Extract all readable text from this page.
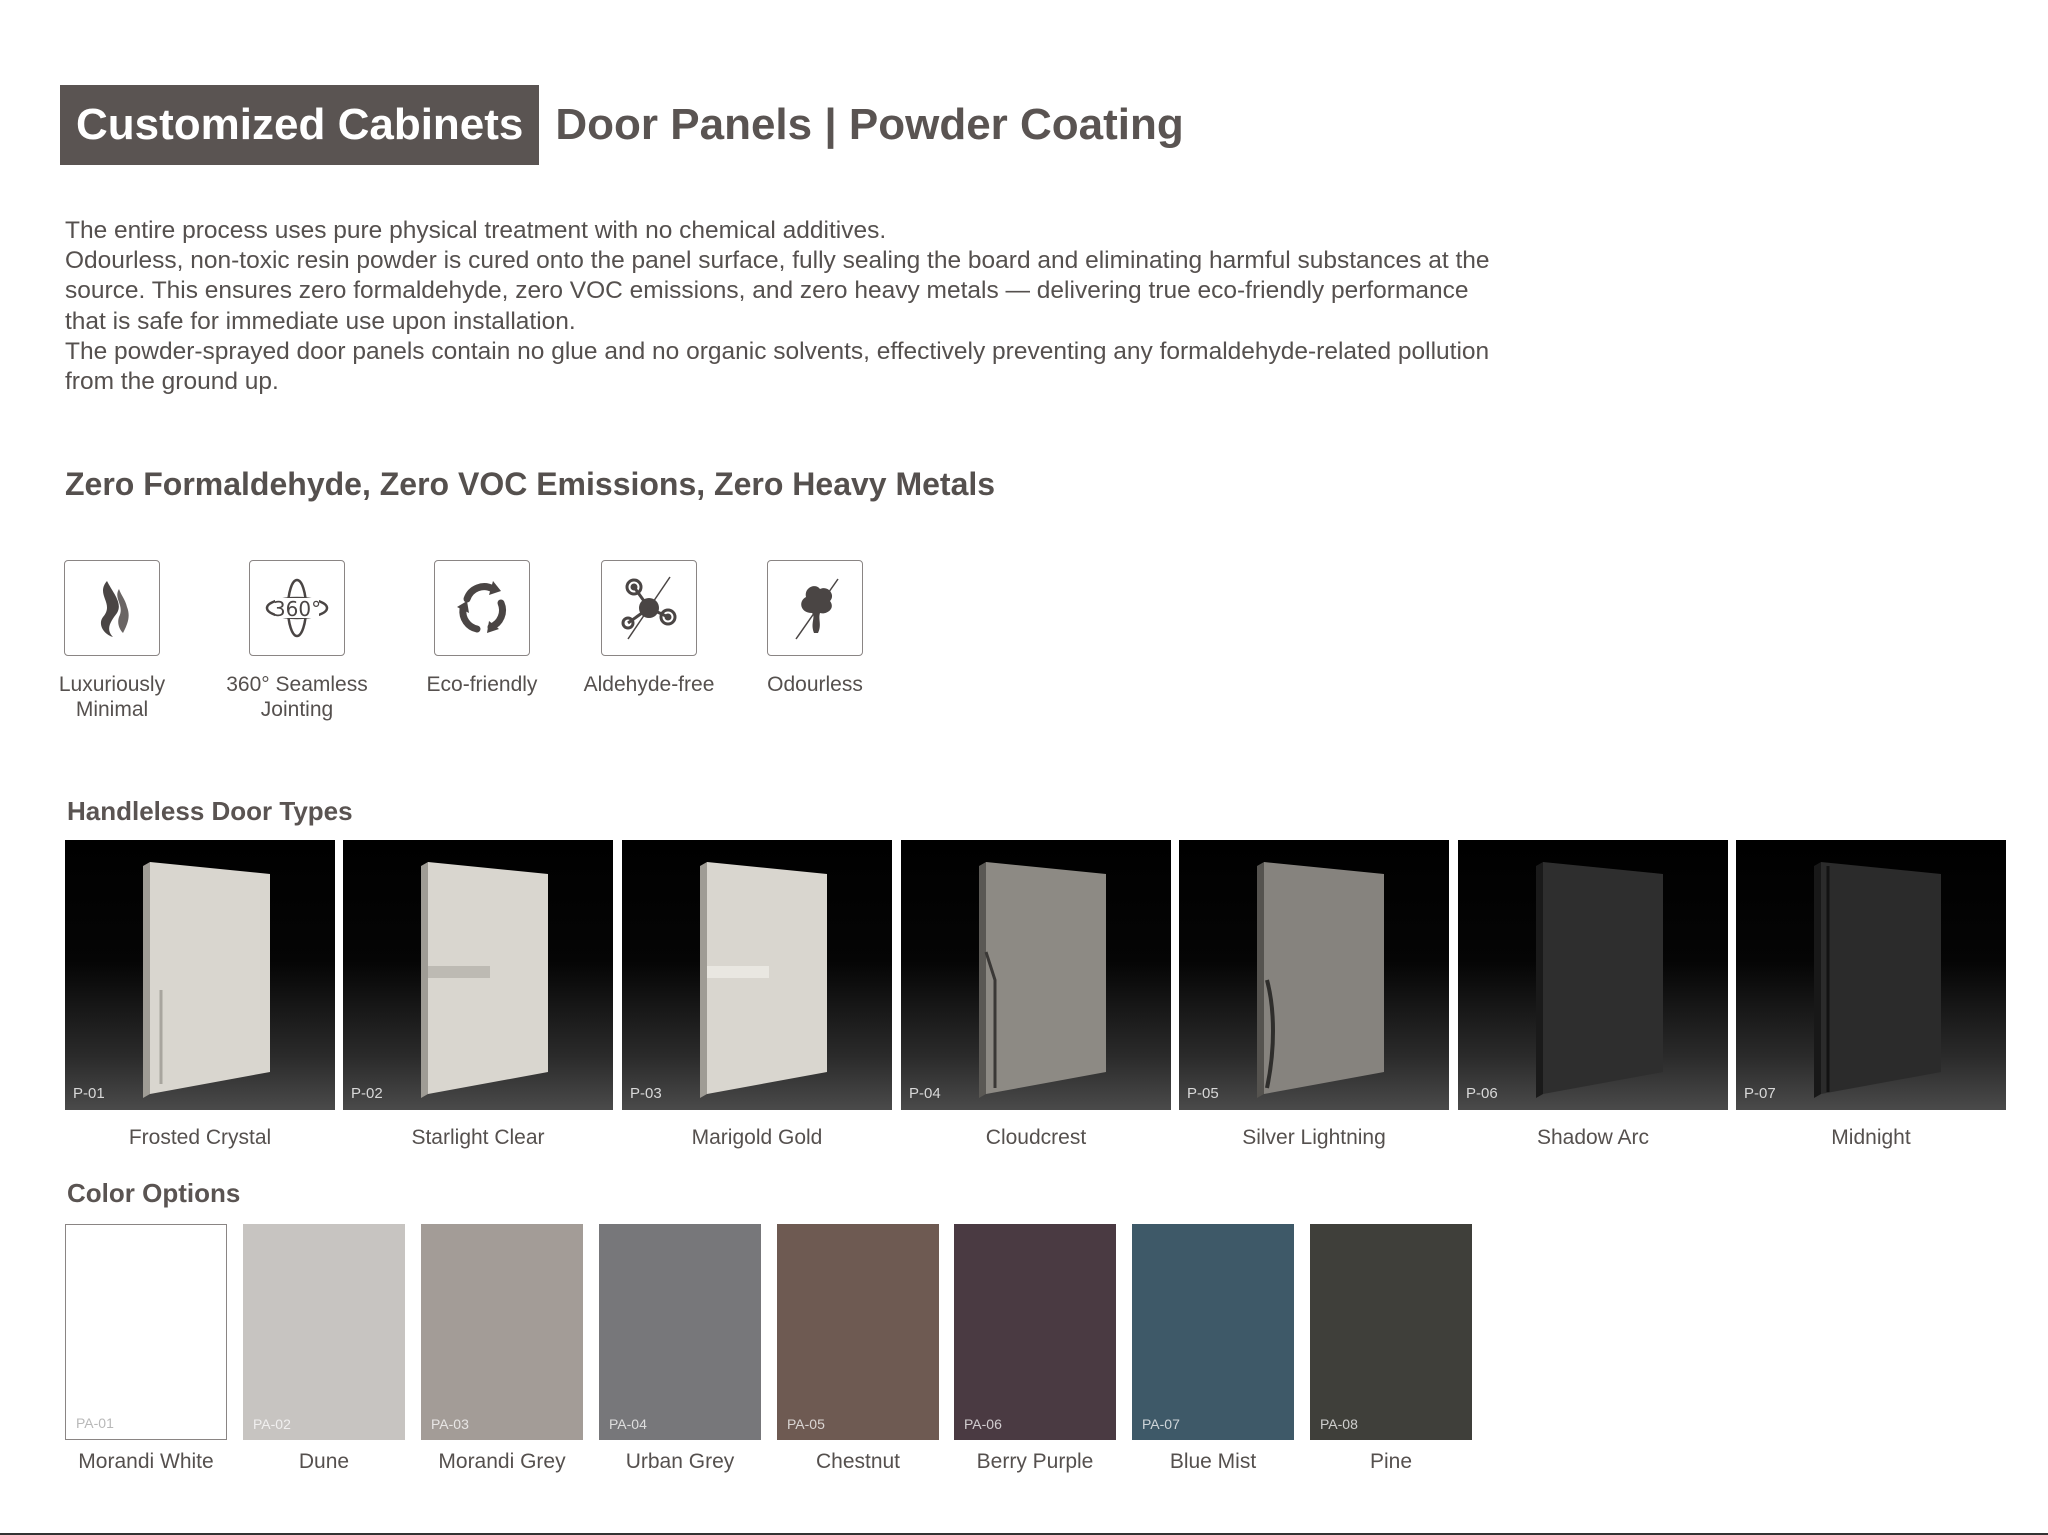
Customized Cabinets Door Panels | Powder Coating

The entire process uses pure physical treatment with no chemical additives.

Odourless, non-toxic resin powder is cured onto the panel surface, fully sealing the board and eliminating harmful substances at the source. This ensures zero formaldehyde, zero VOC emissions, and zero heavy metals — delivering true eco-friendly performance that is safe for immediate use upon installation.

The powder-sprayed door panels contain no glue and no organic solvents, effectively preventing any formaldehyde-related pollution from the ground up.

Zero Formaldehyde, Zero VOC Emissions, Zero Heavy Metals
Luxuriously Minimal
360°
360° Seamless Jointing
Eco-friendly	Aldehyde-free	Odourless
Handleless Door Types
P-01
Frosted Crystal
P-02
Starlight Clear
P-03
Marigold Gold
P-04
Cloudcrest
P-05
Silver Lightning
P-06
Shadow Arc
P-07
Midnight
Color Options
PA-01
Morandi White
PA-02
Dune
PA-03
Morandi Grey
PA-04
Urban Grey
PA-05
Chestnut
PA-06
Berry Purple
PA-07
Blue Mist
PA-08
Pine
